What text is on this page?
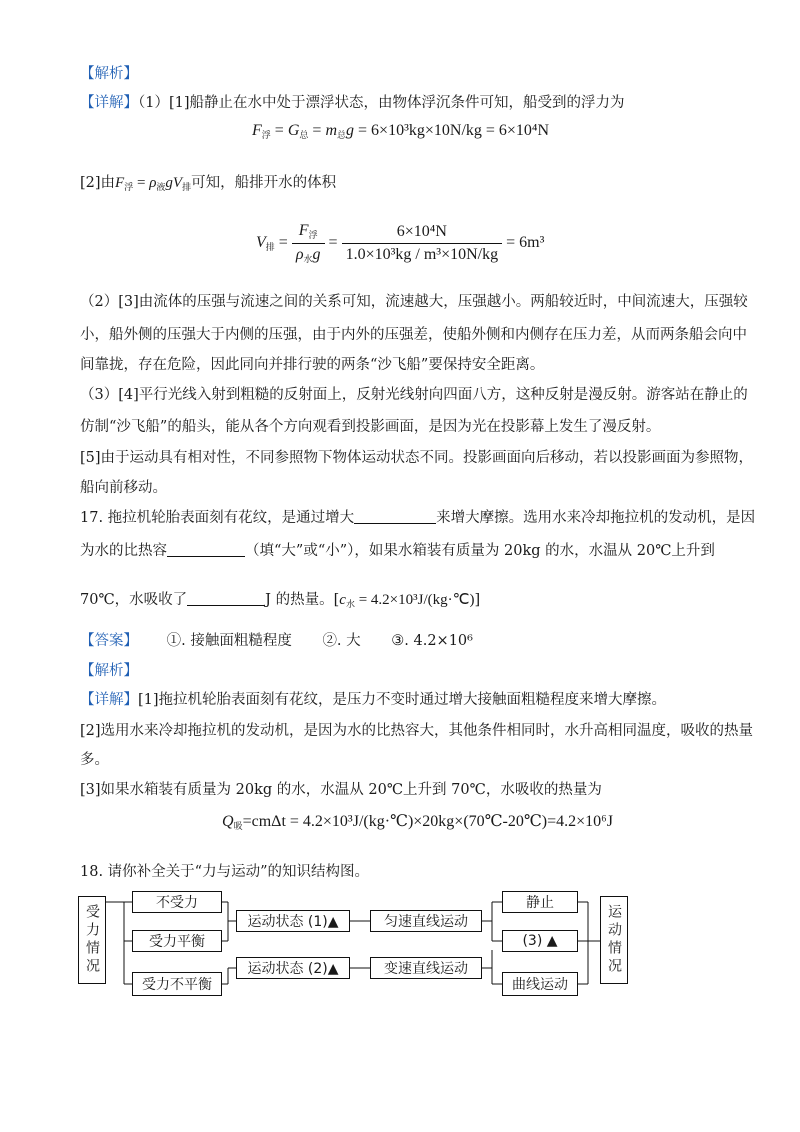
【解析】
【详解】（1）[1]船静止在水中处于漂浮状态，由物体浮沉条件可知，船受到的浮力为
$F_浮 = G_总 = m_总g = 6\times 10^3kg\times 10N/kg = 6\times 10^4N$
[2]由$F_浮 = \rho_液gV_排$可知，船排开水的体积
$V_排 = \frac{F_浮}{\rho_水g} = \frac{\text{6×10⁴N}}{\text{1.0×10³kg / m³×10N/kg}} = 6m^3$
（2）[3]由流体的压强与流速之间的关系可知，流速越大，压强越小。两船较近时，中间流速大，压强较
小，船外侧的压强大于内侧的压强，由于内外的压强差，使船外侧和内侧存在压力差，从而两条船会向中
间靠拢，存在危险，因此同向并排行驶的两条“沙飞船”要保持安全距离。
（3）[4]平行光线入射到粗糙的反射面上，反射光线射向四面八方，这种反射是漫反射。游客站在静止的
仿制“沙飞船”的船头，能从各个方向观看到投影画面，是因为光在投影幕上发生了漫反射。
[5]由于运动具有相对性，不同参照物下物体运动状态不同。投影画面向后移动，若以投影画面为参照物，
船向前移动。
17. 拖拉机轮胎表面刻有花纹，是通过增大	来增大摩擦。选用水来冷却拖拉机的发动机，是因
为水的比热容	（填“大”或“小”），如果水箱装有质量为 20kg 的水，水温从 20℃上升到
70℃，水吸收了	J 的热量。[$c_水$ = 4.2×10³J/(kg·℃)]
【答案】 ①. 接触面粗糙程度 ②. 大 ③. 4.2×10⁶
【解析】
【详解】[1]拖拉机轮胎表面刻有花纹，是压力不变时通过增大接触面粗糙程度来增大摩擦。
[2]选用水来冷却拖拉机的发动机，是因为水的比热容大，其他条件相同时，水升高相同温度，吸收的热量
多。
[3]如果水箱装有质量为 20kg 的水，水温从 20℃上升到 70℃，水吸收的热量为
$Q_吸=cm\Delta t$ = 4.2×10³J/(kg·℃)×20kg×(70℃-20℃)=4.2×10⁶J
18. 请你补全关于“力与运动”的知识结构图。
受力情况
不受力
受力平衡
受力不平衡
运动状态 (1)▲
运动状态 (2)▲
匀速直线运动
变速直线运动
静止
(3) ▲
曲线运动
运动情况
